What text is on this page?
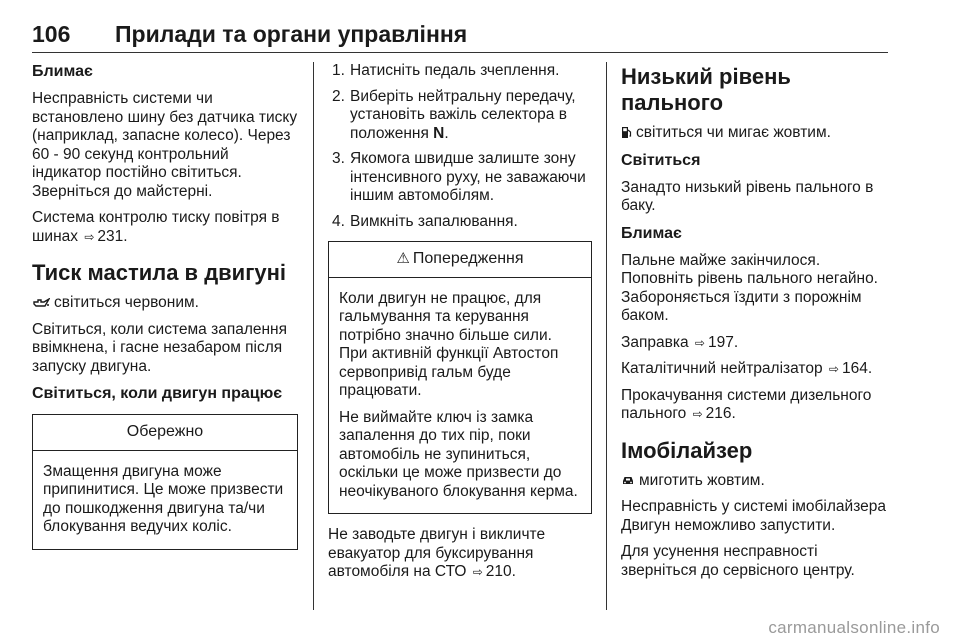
106 Прилади та органи управління
Блимає

Несправність системи чи встановлено шину без датчика тиску (наприклад, запасне колесо). Через 60 - 90 секунд контрольний індикатор постійно світиться. Зверніться до майстерні.

Система контролю тиску повітря в шинах ⇨ 231.

Тиск мастила в двигуні

світиться червоним.

Світиться, коли система запалення ввімкнена, і гасне незабаром після запуску двигуна.

Світиться, коли двигун працює
Обережно

Змащення двигуна може припинитися. Це може призвести до пошкодження двигуна та/чи блокування ведучих коліс.

1. Натисніть педаль зчеплення.
2. Виберіть нейтральну передачу, установіть важіль селектора в положення N.
3. Якомога швидше залиште зону інтенсивного руху, не заважаючи іншим автомобілям.
4. Вимкніть запалювання.
⚠ Попередження

Коли двигун не працює, для гальмування та керування потрібно значно більше сили. При активній функції Автостоп сервопривід гальм буде працювати.

Не виймайте ключ із замка запалення до тих пір, поки автомобіль не зупиниться, оскільки це може призвести до неочікуваного блокування керма.

Не заводьте двигун і викличте евакуатор для буксирування автомобіля на СТО ⇨ 210.

Низький рівень пального

світиться чи мигає жовтим.

Світиться

Занадто низький рівень пального в баку.

Блимає

Пальне майже закінчилося. Поповніть рівень пального негайно. Забороняється їздити з порожнім баком.

Заправка ⇨ 197.

Каталітичний нейтралізатор ⇨ 164.

Прокачування системи дизельного пального ⇨ 216.

Імобілайзер

миготить жовтим.

Несправність у системі імобілайзера Двигун неможливо запустити.

Для усунення несправності зверніться до сервісного центру.

carmanualsonline.info
